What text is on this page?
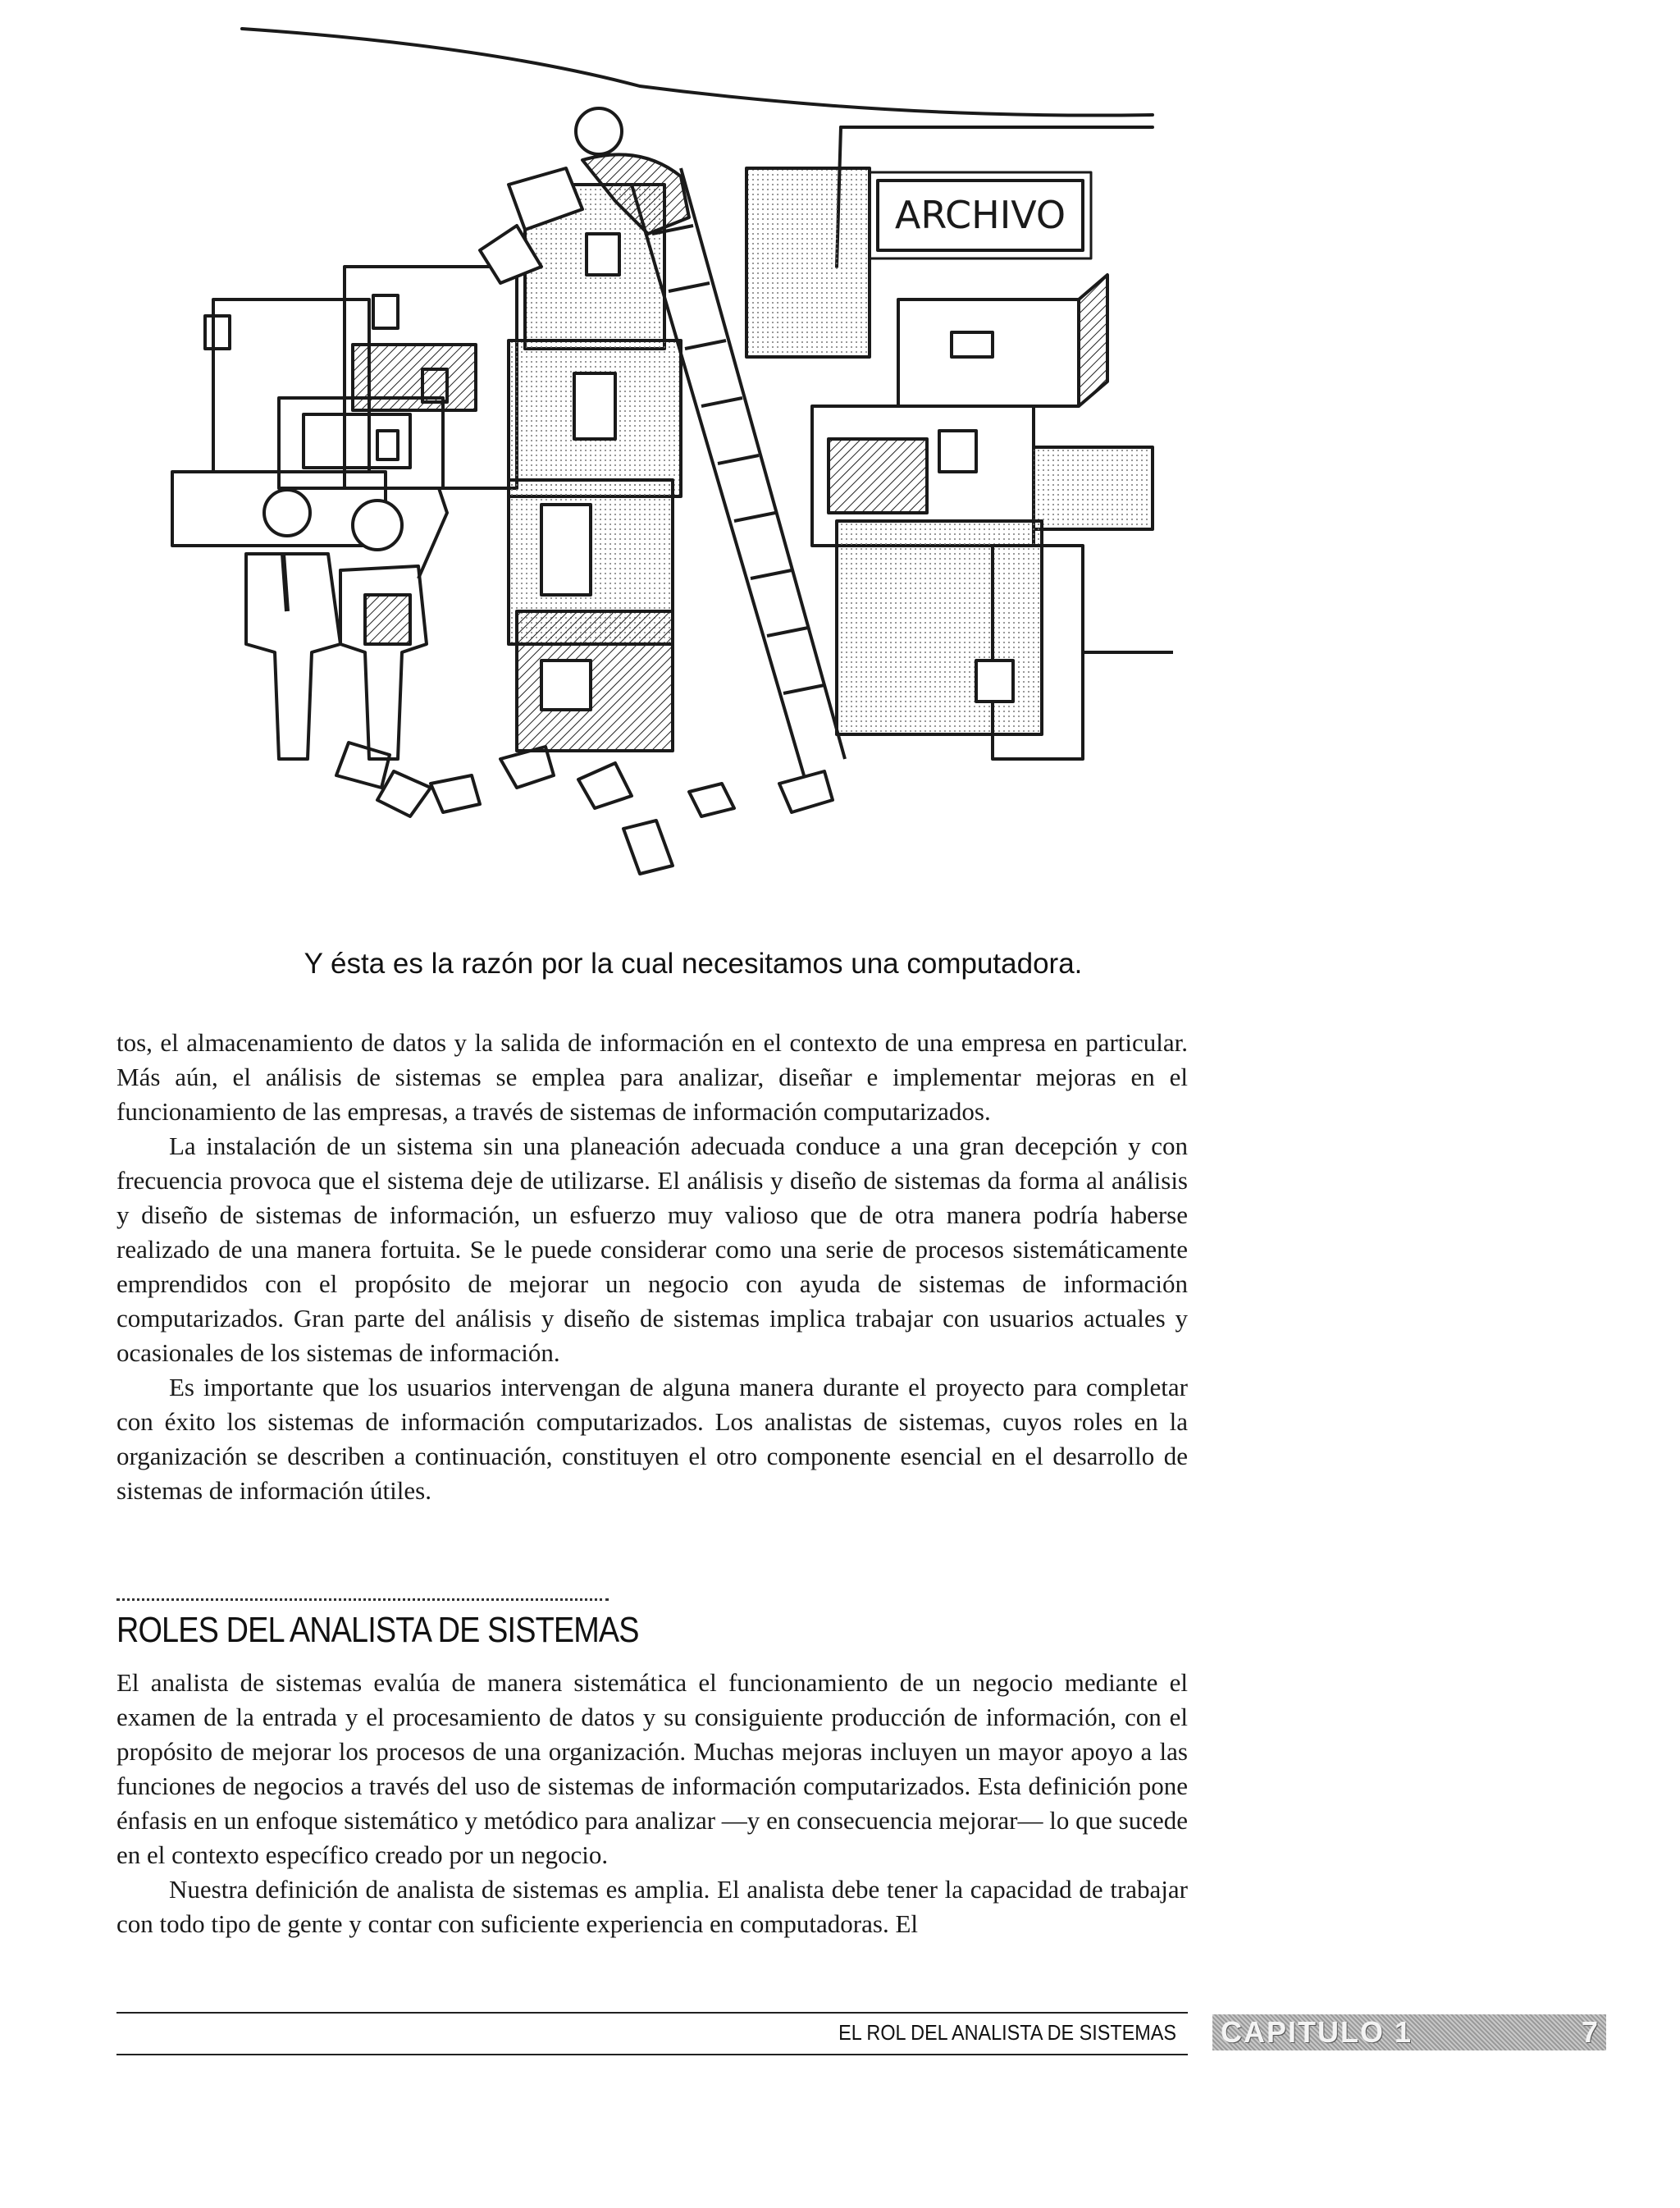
ARCHIVO
Y ésta es la razón por la cual necesitamos una computadora.

tos, el almacenamiento de datos y la salida de información en el contexto de una empresa en particular. Más aún, el análisis de sistemas se emplea para analizar, diseñar e implementar mejoras en el funcionamiento de las empresas, a través de sistemas de información computarizados.

La instalación de un sistema sin una planeación adecuada conduce a una gran decepción y con frecuencia provoca que el sistema deje de utilizarse. El análisis y diseño de sistemas da forma al análisis y diseño de sistemas de información, un esfuerzo muy valioso que de otra manera podría haberse realizado de una manera fortuita. Se le puede considerar como una serie de procesos sistemáticamente emprendidos con el propósito de mejorar un negocio con ayuda de sistemas de información computarizados. Gran parte del análisis y diseño de sistemas implica trabajar con usuarios actuales y ocasionales de los sistemas de información.

Es importante que los usuarios intervengan de alguna manera durante el proyecto para completar con éxito los sistemas de información computarizados. Los analistas de sistemas, cuyos roles en la organización se describen a continuación, constituyen el otro componente esencial en el desarrollo de sistemas de información útiles.

ROLES DEL ANALISTA DE SISTEMAS

El analista de sistemas evalúa de manera sistemática el funcionamiento de un negocio mediante el examen de la entrada y el procesamiento de datos y su consiguiente producción de información, con el propósito de mejorar los procesos de una organización. Muchas mejoras incluyen un mayor apoyo a las funciones de negocios a través del uso de sistemas de información computarizados. Esta definición pone énfasis en un enfoque sistemático y metódico para analizar —y en consecuencia mejorar— lo que sucede en el contexto específico creado por un negocio.

Nuestra definición de analista de sistemas es amplia. El analista debe tener la capacidad de trabajar con todo tipo de gente y contar con suficiente experiencia en computadoras. El

EL ROL DEL ANALISTA DE SISTEMAS CAPITULO 1	7
